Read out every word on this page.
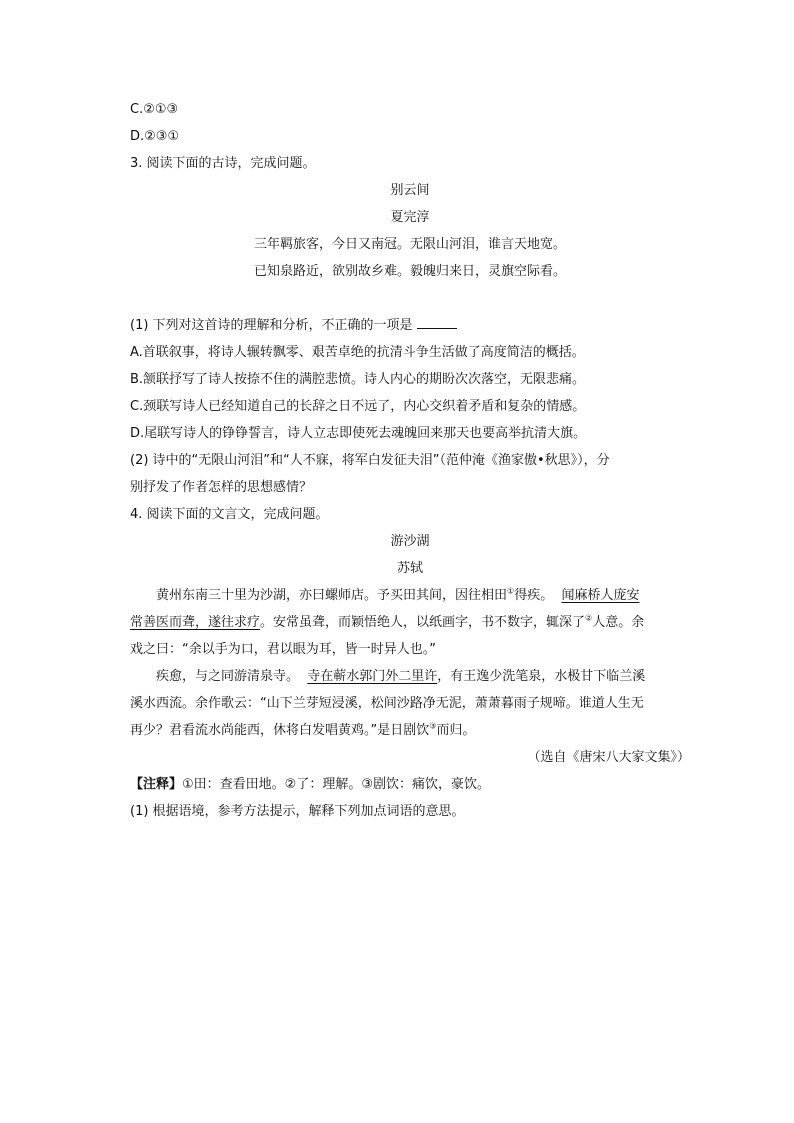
C.②①③
D.②③①
3. 阅读下面的古诗，完成问题。
别云间
夏完淳
三年羁旅客，今日又南冠。无限山河泪，谁言天地宽。
已知泉路近，欲别故乡难。毅魄归来日，灵旗空际看。
(1) 下列对这首诗的理解和分析，不正确的一项是
A.首联叙事，将诗人辗转飘零、艰苦卓绝的抗清斗争生活做了高度简洁的概括。
B.颔联抒写了诗人按捺不住的满腔悲愤。诗人内心的期盼次次落空，无限悲痛。
C.颈联写诗人已经知道自己的长辞之日不远了，内心交织着矛盾和复杂的情感。
D.尾联写诗人的铮铮誓言，诗人立志即使死去魂魄回来那天也要高举抗清大旗。
(2) 诗中的“无限山河泪”和“人不寐，将军白发征夫泪”（范仲淹《渔家傲•秋思》），分
别抒发了作者怎样的思想感情？
4. 阅读下面的文言文，完成问题。
游沙湖
苏轼
黄州东南三十里为沙湖，亦曰螺师店。予买田其间，因往相田①得疾。 闻麻桥人庞安
常善医而聋，遂往求疗。安常虽聋，而颖悟绝人，以纸画字，书不数字，辄深了②人意。余
戏之曰：“余以手为口，君以眼为耳，皆一时异人也。”
疾愈，与之同游清泉寺。 寺在蕲水郭门外二里许，有王逸少洗笔泉，水极甘下临兰溪
溪水西流。余作歌云：“山下兰芽短浸溪，松间沙路净无泥，萧萧暮雨子规啼。谁道人生无
再少？君看流水尚能西，休将白发唱黄鸡。”是日剧饮③而归。
（选自《唐宋八大家文集》）
【注释】①田：查看田地。②了：理解。③剧饮：痛饮，豪饮。
(1) 根据语境，参考方法提示，解释下列加点词语的意思。
